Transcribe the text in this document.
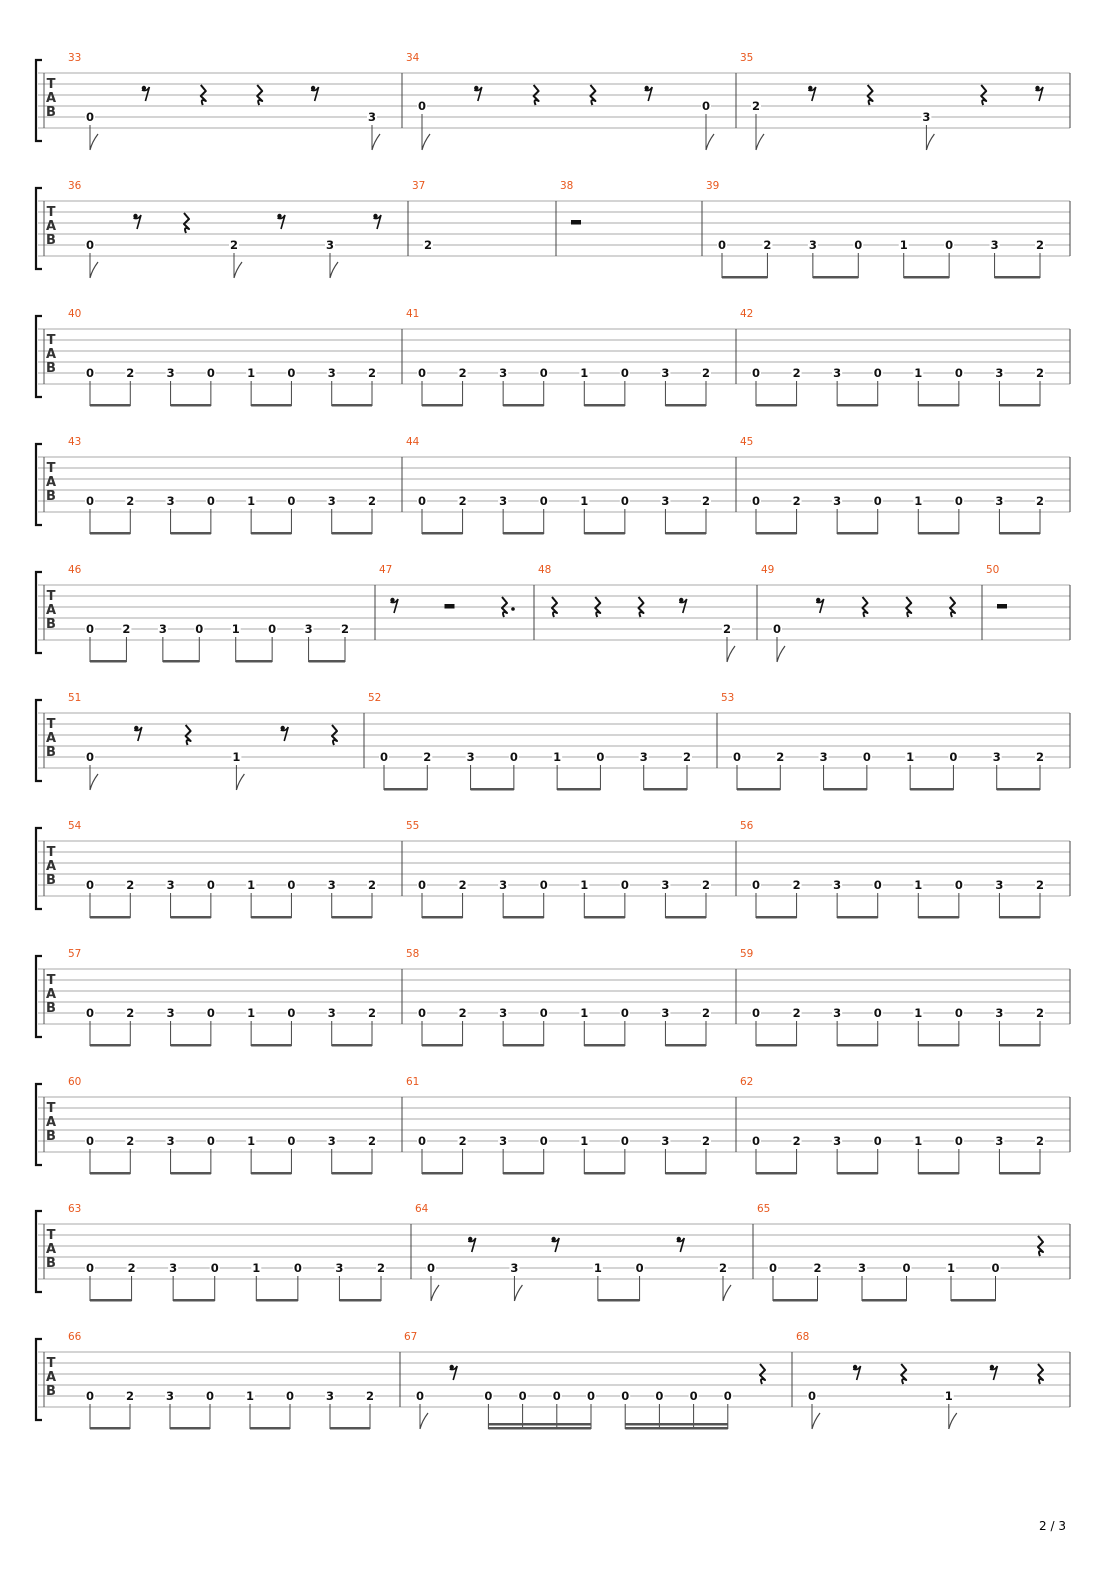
T
A
B
33
0	3
34
0	0
35
2
3
T
A
B
36
0	2	3
37
2
38	39
0	2	3	0	1	0	3	2
T
A
B
40
0	2	3	0	1	0	3	2
41
0	2	3	0	1	0	3	2
42
0	2	3	0	1	0	3	2
T
A
B
43
0	2	3	0	1	0	3	2
44
0	2	3	0	1	0	3	2
45
0	2	3	0	1	0	3	2
T
A
B
46
0 2 3 0 1 0 3 2
47	48
2
49
0
50
T
A
B
51
0	1
52
0	2	3	0	1	0	3	2
53
0	2	3	0	1	0	3	2
T
A
B
54
0	2	3	0	1	0	3	2
55
0	2	3	0	1	0	3	2
56
0	2	3	0	1	0	3	2
T
A
B
57
0	2	3	0	1	0	3	2
58
0	2	3	0	1	0	3	2
59
0	2	3	0	1	0	3	2
T
A
B
60
0	2	3	0	1	0	3	2
61
0	2	3	0	1	0	3	2
62
0	2	3	0	1	0	3	2
T
A
B
63
0	2	3	0	1	0	3	2
64
0	3	1	0	2
65
0	2	3	0	1	0
T
A
B
66
0	2	3	0	1	0	3	2
67
0	0 0 0 0 0 0 0 0
68
0	1
2 / 3
